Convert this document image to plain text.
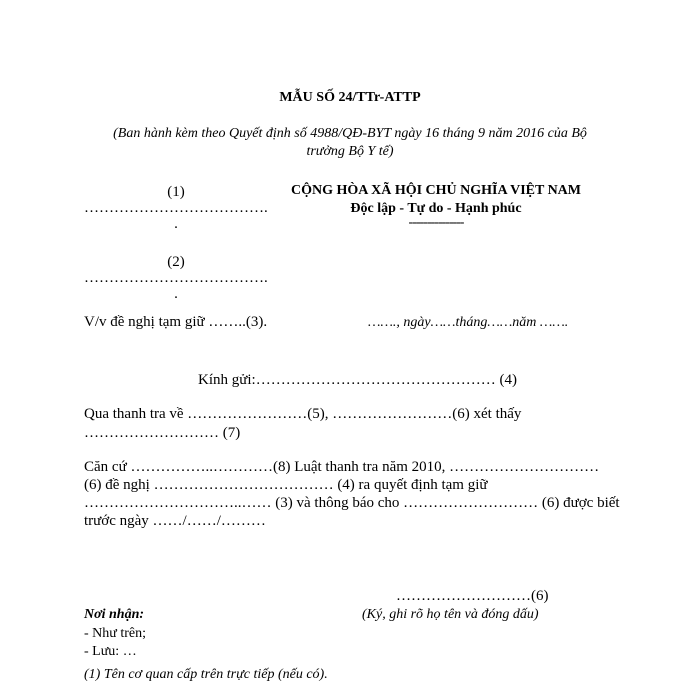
MẪU SỐ 24/TTr-ATTP
(Ban hành kèm theo Quyết định số 4988/QĐ-BYT ngày 16 tháng 9 năm 2016 của Bộ
trưởng Bộ Y tế)
(1)
……………………………….
.
(2)
……………………………….
.
V/v đề nghị tạm giữ ……..(3).
CỘNG HÒA XÃ HỘI CHỦ NGHĨA VIỆT NAM
Độc lập - Tự do - Hạnh phúc
---------------
……., ngày……tháng……năm …….
Kính gửi:………………………………………… (4)
Qua thanh tra về ……………………(5), ……………………(6) xét thấy
……………………… (7)
Căn cứ ……………..…………(8) Luật thanh tra năm 2010, …………………………
(6) đề nghị ……………………………… (4) ra quyết định tạm giữ
…………………………..…… (3) và thông báo cho ……………………… (6) được biết
trước ngày ……/……/………
………………………(6)
(Ký, ghi rõ họ tên và đóng dấu)
Nơi nhận:
- Như trên;
- Lưu: …
(1) Tên cơ quan cấp trên trực tiếp (nếu có).
